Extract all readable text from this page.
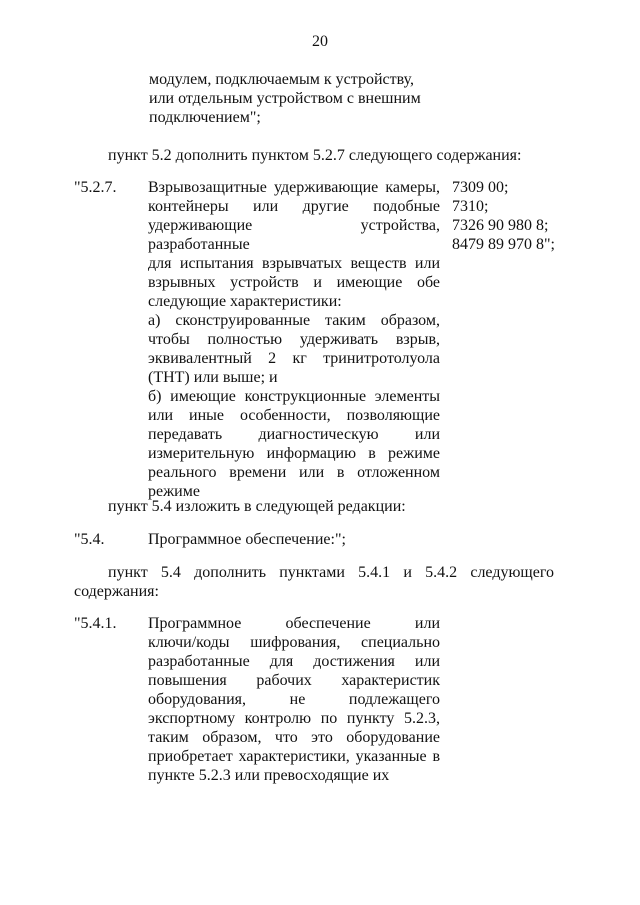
20
модулем, подключаемым к устройству,
или отдельным устройством с внешним
подключением";
пункт 5.2 дополнить пунктом 5.2.7 следующего содержания:
"5.2.7. Взрывозащитные удерживающие камеры,
контейнеры или другие подобные
удерживающие устройства, разработанные
для испытания взрывчатых веществ или
взрывных устройств и имеющие обе
следующие характеристики:
а) сконструированные таким образом,
чтобы полностью удерживать взрыв,
эквивалентный 2 кг тринитротолуола
(ТНТ) или выше; и
б) имеющие конструкционные элементы
или иные особенности, позволяющие
передавать диагностическую или
измерительную информацию в режиме
реального времени или в отложенном
режиме
7309 00;
7310;
7326 90 980 8;
8479 89 970 8";
пункт 5.4 изложить в следующей редакции:
"5.4.	Программное обеспечение:";
пункт 5.4 дополнить пунктами 5.4.1 и 5.4.2 следующего
содержания:
"5.4.1. Программное обеспечение или
ключи/коды шифрования, специально
разработанные для достижения или
повышения рабочих характеристик
оборудования, не подлежащего
экспортному контролю по пункту 5.2.3,
таким образом, что это оборудование
приобретает характеристики, указанные в
пункте 5.2.3 или превосходящие их
